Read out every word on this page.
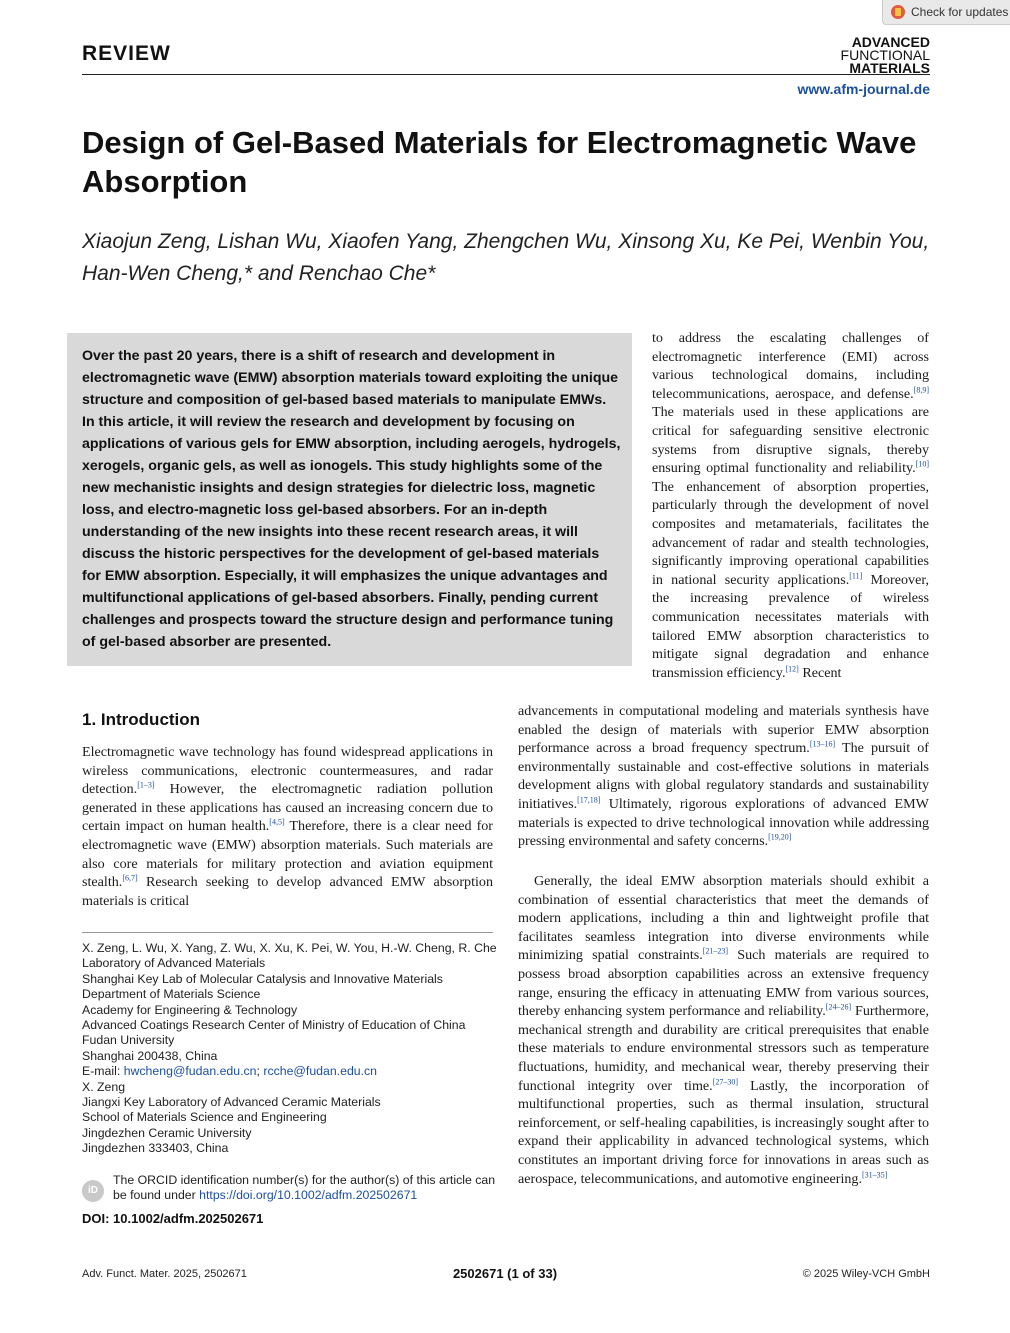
Check for updates
REVIEW	ADVANCED
FUNCTIONAL
MATERIALS
www.afm-journal.de
Design of Gel-Based Materials for Electromagnetic Wave Absorption
Xiaojun Zeng, Lishan Wu, Xiaofen Yang, Zhengchen Wu, Xinsong Xu, Ke Pei, Wenbin You,
Han-Wen Cheng,* and Renchao Che*
Over the past 20 years, there is a shift of research and development in electromagnetic wave (EMW) absorption materials toward exploiting the unique structure and composition of gel-based based materials to manipulate EMWs. In this article, it will review the research and development by focusing on applications of various gels for EMW absorption, including aerogels, hydrogels, xerogels, organic gels, as well as ionogels. This study highlights some of the new mechanistic insights and design strategies for dielectric loss, magnetic loss, and electro-magnetic loss gel-based absorbers. For an in-depth understanding of the new insights into these recent research areas, it will discuss the historic perspectives for the development of gel-based materials for EMW absorption. Especially, it will emphasizes the unique advantages and multifunctional applications of gel-based absorbers. Finally, pending current challenges and prospects toward the structure design and performance tuning of gel-based absorber are presented.
to address the escalating challenges of electromagnetic interference (EMI) across various technological domains, including telecommunications, aerospace, and defense.[8,9] The materials used in these applications are critical for safeguarding sensitive electronic systems from disruptive signals, thereby ensuring optimal functionality and reliability.[10] The enhancement of absorption properties, particularly through the development of novel composites and metamaterials, facilitates the advancement of radar and stealth technologies, significantly improving operational capabilities in national security applications.[11] Moreover, the increasing prevalence of wireless communication necessitates materials with tailored EMW absorption characteristics to mitigate signal degradation and enhance transmission efficiency.[12] Recent
1. Introduction
Electromagnetic wave technology has found widespread applications in wireless communications, electronic countermeasures, and radar detection.[1–3] However, the electromagnetic radiation pollution generated in these applications has caused an increasing concern due to certain impact on human health.[4,5] Therefore, there is a clear need for electromagnetic wave (EMW) absorption materials. Such materials are also core materials for military protection and aviation equipment stealth.[6,7] Research seeking to develop advanced EMW absorption materials is critical
advancements in computational modeling and materials synthesis have enabled the design of materials with superior EMW absorption performance across a broad frequency spectrum.[13–16] The pursuit of environmentally sustainable and cost-effective solutions in materials development aligns with global regulatory standards and sustainability initiatives.[17,18] Ultimately, rigorous explorations of advanced EMW materials is expected to drive technological innovation while addressing pressing environmental and safety concerns.[19,20]
Generally, the ideal EMW absorption materials should exhibit a combination of essential characteristics that meet the demands of modern applications, including a thin and lightweight profile that facilitates seamless integration into diverse environments while minimizing spatial constraints.[21–23] Such materials are required to possess broad absorption capabilities across an extensive frequency range, ensuring the efficacy in attenuating EMW from various sources, thereby enhancing system performance and reliability.[24–26] Furthermore, mechanical strength and durability are critical prerequisites that enable these materials to endure environmental stressors such as temperature fluctuations, humidity, and mechanical wear, thereby preserving their functional integrity over time.[27–30] Lastly, the incorporation of multifunctional properties, such as thermal insulation, structural reinforcement, or self-healing capabilities, is increasingly sought after to expand their applicability in advanced technological systems, which constitutes an important driving force for innovations in areas such as aerospace, telecommunications, and automotive engineering.[31–35]
X. Zeng, L. Wu, X. Yang, Z. Wu, X. Xu, K. Pei, W. You, H.-W. Cheng, R. Che
Laboratory of Advanced Materials
Shanghai Key Lab of Molecular Catalysis and Innovative Materials
Department of Materials Science
Academy for Engineering & Technology
Advanced Coatings Research Center of Ministry of Education of China
Fudan University
Shanghai 200438, China
E-mail: hwcheng@fudan.edu.cn; rcche@fudan.edu.cn
X. Zeng
Jiangxi Key Laboratory of Advanced Ceramic Materials
School of Materials Science and Engineering
Jingdezhen Ceramic University
Jingdezhen 333403, China
iD
The ORCID identification number(s) for the author(s) of this article can be found under https://doi.org/10.1002/adfm.202502671
DOI: 10.1002/adfm.202502671
Adv. Funct. Mater. 2025, 2502671	2502671 (1 of 33)	© 2025 Wiley-VCH GmbH
